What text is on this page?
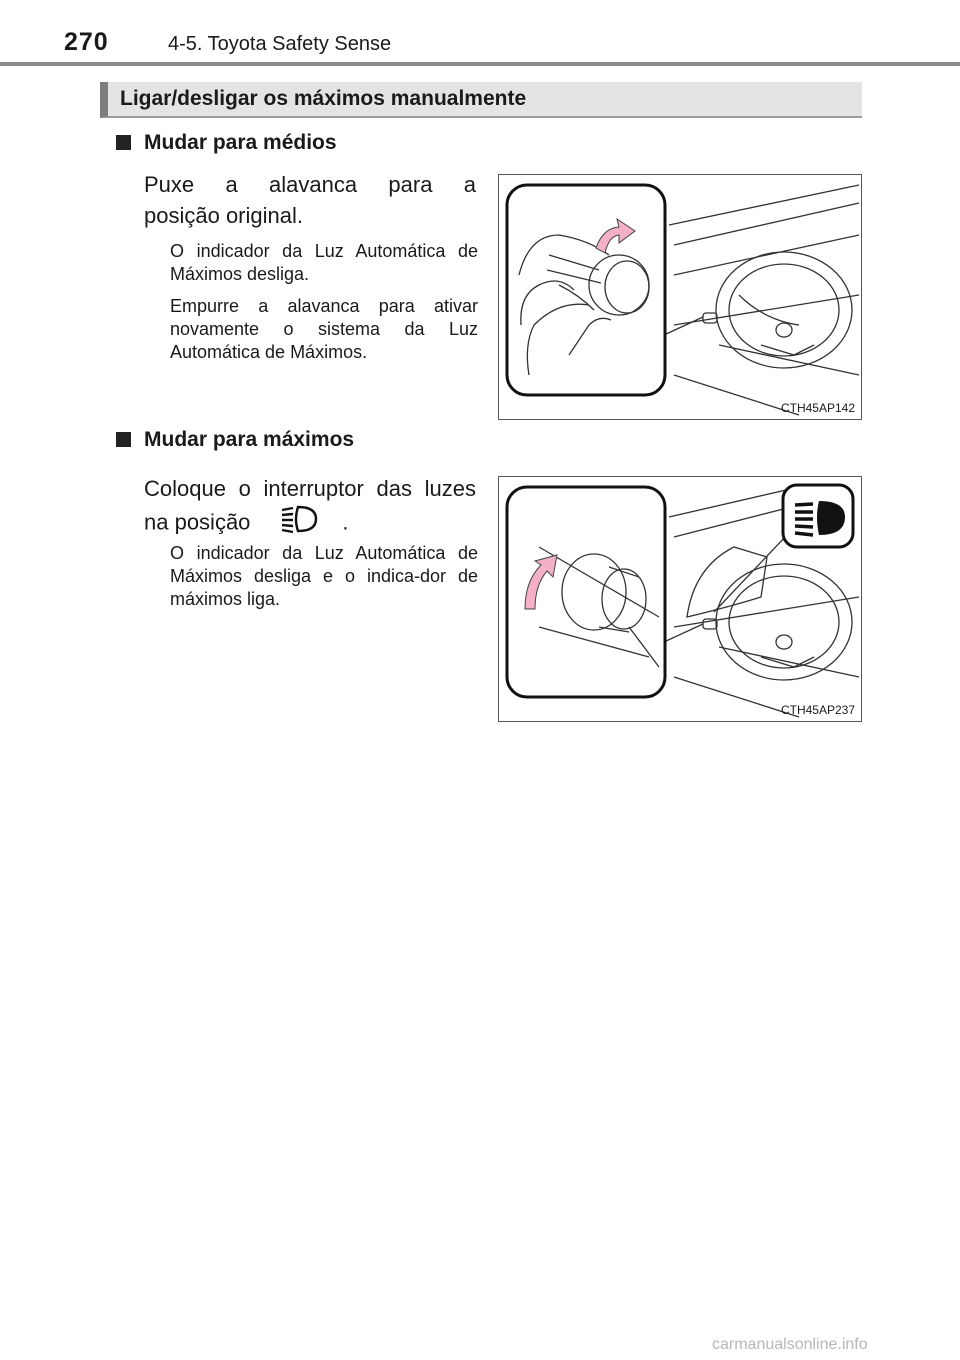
270	4-5. Toyota Safety Sense
Ligar/desligar os máximos manualmente
Mudar para médios
Puxe a alavanca para a
posição original.
O indicador da Luz Automática de Máximos desliga.
Empurre a alavanca para ativar novamente o sistema da Luz Automática de Máximos.
CTH45AP142
Mudar para máximos
Coloque o interruptor das luzes
na posição	.
O indicador da Luz Automática de Máximos desliga e o indica-dor de máximos liga.
CTH45AP237
carmanualsonline.info
